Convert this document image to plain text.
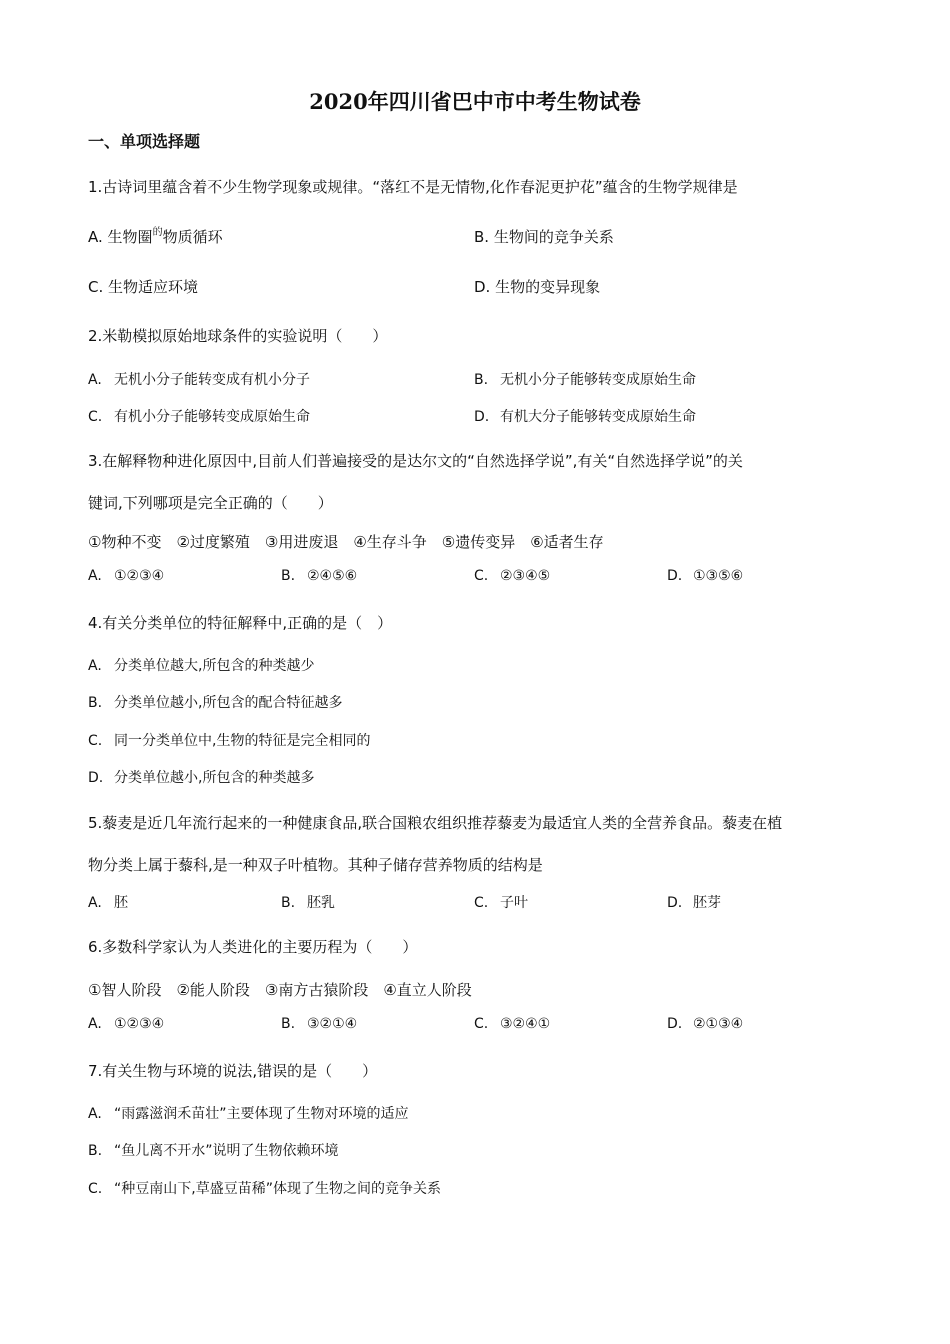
2020年四川省巴中市中考生物试卷
一、单项选择题
1.古诗词里蕴含着不少生物学现象或规律。“落红不是无情物,化作春泥更护花”蕴含的生物学规律是
A. 生物圈$^的$物质循环	B. 生物间的竞争关系
C. 生物适应环境	D. 生物的变异现象
2.米勒模拟原始地球条件的实验说明（　　）
A. 无机小分子能转变成有机小分子	B. 无机小分子能够转变成原始生命
C. 有机小分子能够转变成原始生命	D. 有机大分子能够转变成原始生命
3.在解释物种进化原因中,目前人们普遍接受的是达尔文的“自然选择学说”,有关“自然选择学说”的关
键词,下列哪项是完全正确的（　　）
①物种不变　②过度繁殖　③用进废退　④生存斗争　⑤遗传变异　⑥适者生存
A. ①②③④	B. ②④⑤⑥	C. ②③④⑤	D. ①③⑤⑥
4.有关分类单位的特征解释中,正确的是（　）
A. 分类单位越大,所包含的种类越少
B. 分类单位越小,所包含的配合特征越多
C. 同一分类单位中,生物的特征是完全相同的
D. 分类单位越小,所包含的种类越多
5.藜麦是近几年流行起来的一种健康食品,联合国粮农组织推荐藜麦为最适宜人类的全营养食品。藜麦在植
物分类上属于藜科,是一种双子叶植物。其种子储存营养物质的结构是
A. 胚	B. 胚乳	C. 子叶	D. 胚芽
6.多数科学家认为人类进化的主要历程为（　　）
①智人阶段　②能人阶段　③南方古猿阶段　④直立人阶段
A. ①②③④	B. ③②①④	C. ③②④①	D. ②①③④
7.有关生物与环境的说法,错误的是（　　）
A. “雨露滋润禾苗壮”主要体现了生物对环境的适应
B. “鱼儿离不开水”说明了生物依赖环境
C. “种豆南山下,草盛豆苗稀”体现了生物之间的竞争关系
